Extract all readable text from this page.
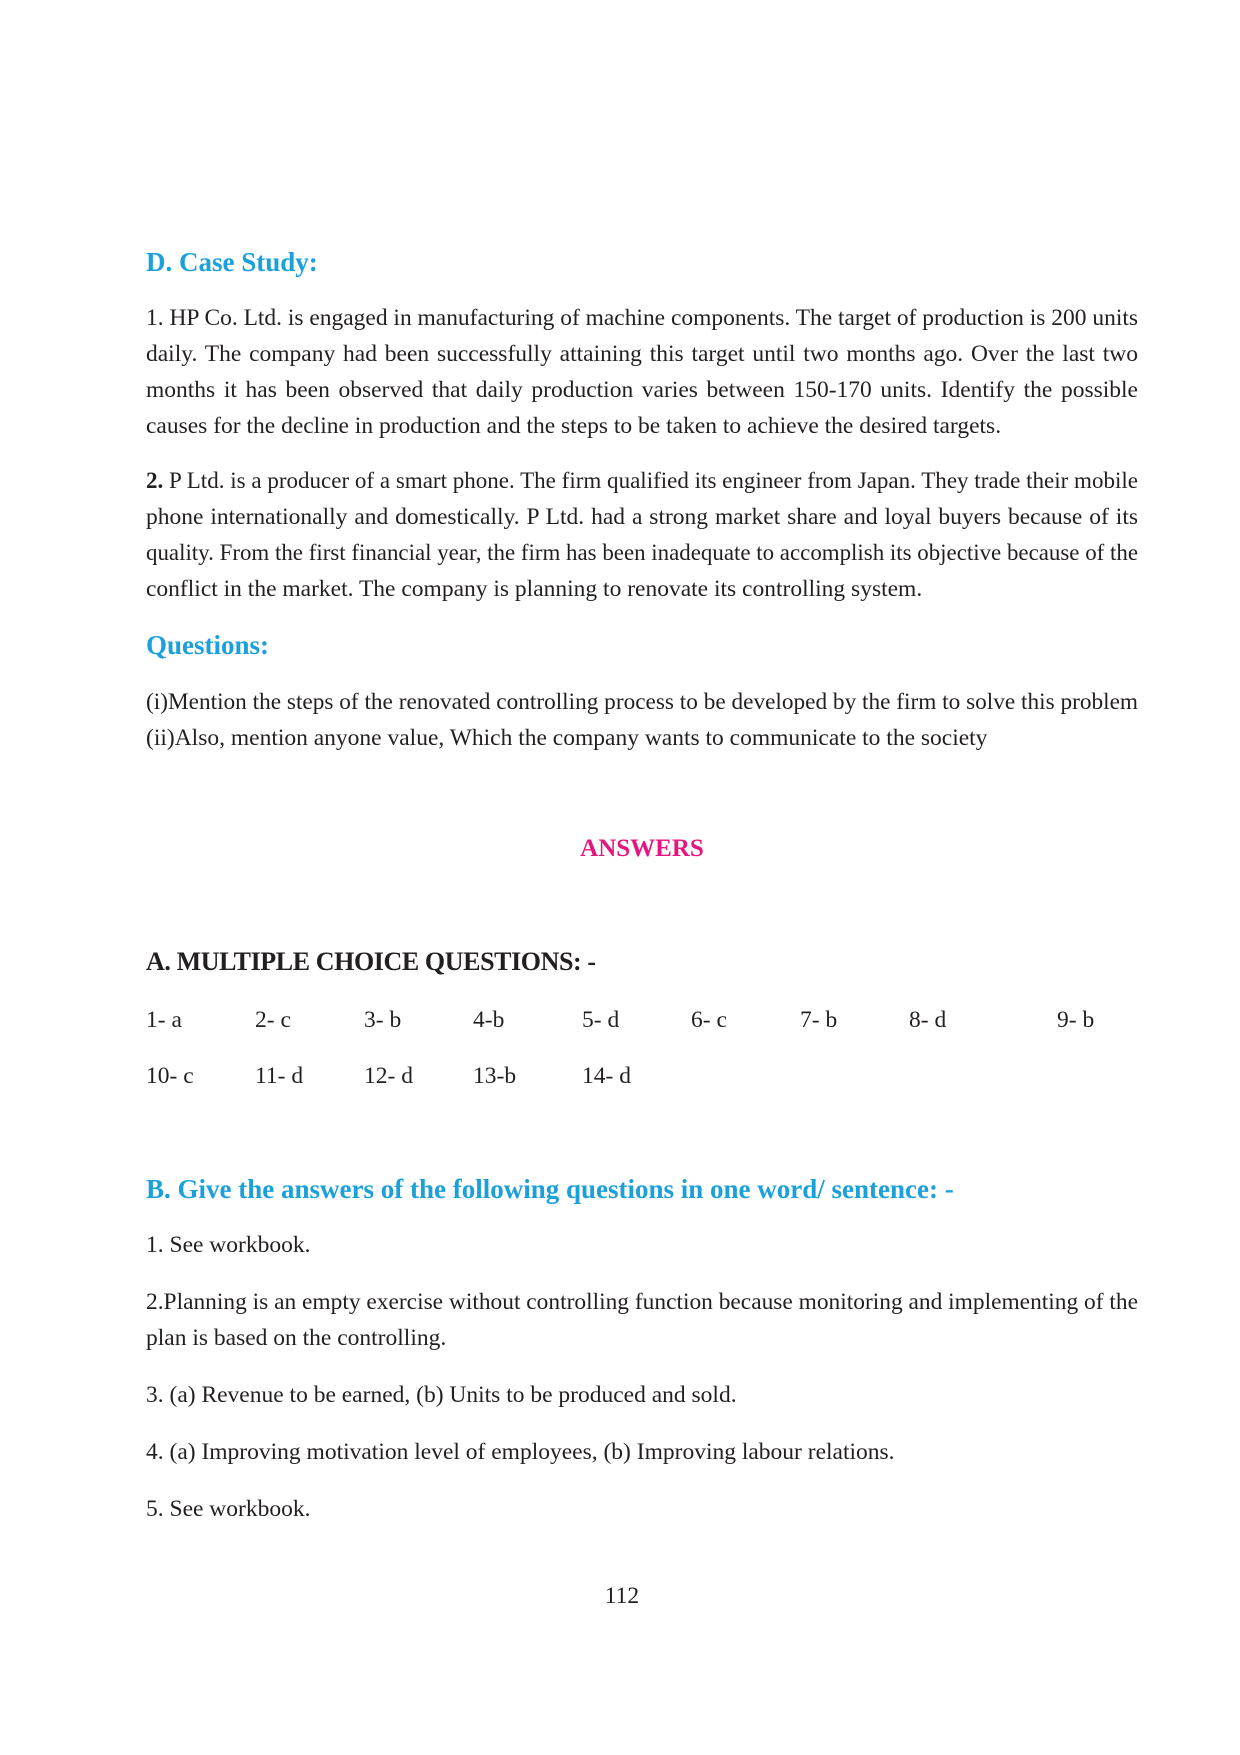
D. Case Study:
1. HP Co. Ltd. is engaged in manufacturing of machine components. The target of production is 200 units
daily. The company had been successfully attaining this target until two months ago. Over the last two
months it has been observed that daily production varies between 150-170 units. Identify the possible
causes for the decline in production and the steps to be taken to achieve the desired targets.
2. P Ltd. is a producer of a smart phone. The firm qualified its engineer from Japan. They trade their mobile
phone internationally and domestically. P Ltd. had a strong market share and loyal buyers because of its
quality. From the first financial year, the firm has been inadequate to accomplish its objective because of the
conflict in the market. The company is planning to renovate its controlling system.
Questions:
(i)Mention the steps of the renovated controlling process to be developed by the firm to solve this problem
(ii)Also, mention anyone value, Which the company wants to communicate to the society
ANSWERS
A. MULTIPLE CHOICE QUESTIONS: -
1- a	2- c	3- b	4-b	5- d	6- c	7- b	8- d	9- b
10- c	11- d	12- d	13-b	14- d
B. Give the answers of the following questions in one word/ sentence: -
1. See workbook.
2.Planning is an empty exercise without controlling function because monitoring and implementing of the
plan is based on the controlling.
3. (a) Revenue to be earned, (b) Units to be produced and sold.
4. (a) Improving motivation level of employees, (b) Improving labour relations.
5. See workbook.
112
